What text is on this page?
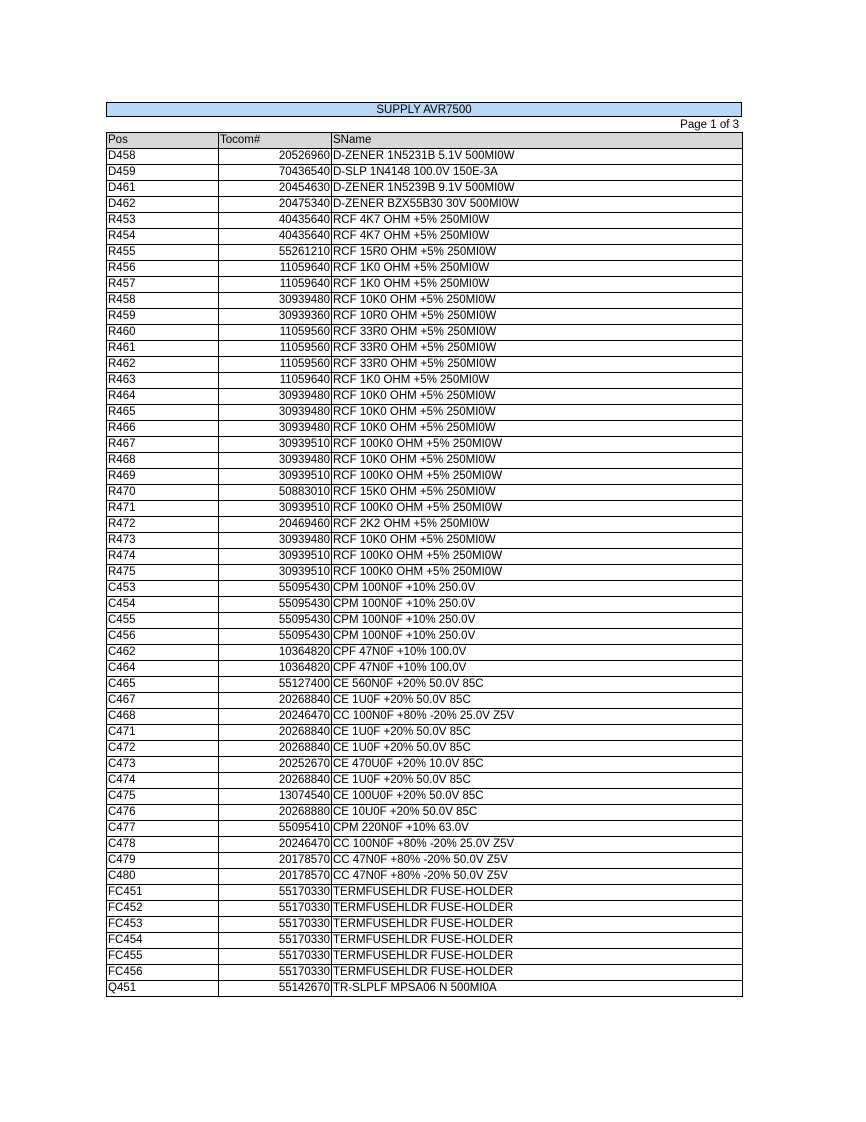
SUPPLY AVR7500
Page 1 of 3
Pos	Tocom#	SName
D458	20526960	D-ZENER 1N5231B 5.1V 500MI0W
D459	70436540	D-SLP 1N4148 100.0V 150E-3A
D461	20454630	D-ZENER 1N5239B 9.1V 500MI0W
D462	20475340	D-ZENER BZX55B30 30V 500MI0W
R453	40435640	RCF 4K7 OHM +5% 250MI0W
R454	40435640	RCF 4K7 OHM +5% 250MI0W
R455	55261210	RCF 15R0 OHM +5% 250MI0W
R456	11059640	RCF 1K0 OHM +5% 250MI0W
R457	11059640	RCF 1K0 OHM +5% 250MI0W
R458	30939480	RCF 10K0 OHM +5% 250MI0W
R459	30939360	RCF 10R0 OHM +5% 250MI0W
R460	11059560	RCF 33R0 OHM +5% 250MI0W
R461	11059560	RCF 33R0 OHM +5% 250MI0W
R462	11059560	RCF 33R0 OHM +5% 250MI0W
R463	11059640	RCF 1K0 OHM +5% 250MI0W
R464	30939480	RCF 10K0 OHM +5% 250MI0W
R465	30939480	RCF 10K0 OHM +5% 250MI0W
R466	30939480	RCF 10K0 OHM +5% 250MI0W
R467	30939510	RCF 100K0 OHM +5% 250MI0W
R468	30939480	RCF 10K0 OHM +5% 250MI0W
R469	30939510	RCF 100K0 OHM +5% 250MI0W
R470	50883010	RCF 15K0 OHM +5% 250MI0W
R471	30939510	RCF 100K0 OHM +5% 250MI0W
R472	20469460	RCF 2K2 OHM +5% 250MI0W
R473	30939480	RCF 10K0 OHM +5% 250MI0W
R474	30939510	RCF 100K0 OHM +5% 250MI0W
R475	30939510	RCF 100K0 OHM +5% 250MI0W
C453	55095430	CPM 100N0F +10% 250.0V
C454	55095430	CPM 100N0F +10% 250.0V
C455	55095430	CPM 100N0F +10% 250.0V
C456	55095430	CPM 100N0F +10% 250.0V
C462	10364820	CPF 47N0F +10% 100.0V
C464	10364820	CPF 47N0F +10% 100.0V
C465	55127400	CE 560N0F +20% 50.0V 85C
C467	20268840	CE 1U0F +20% 50.0V 85C
C468	20246470	CC 100N0F +80% -20% 25.0V Z5V
C471	20268840	CE 1U0F +20% 50.0V 85C
C472	20268840	CE 1U0F +20% 50.0V 85C
C473	20252670	CE 470U0F +20% 10.0V 85C
C474	20268840	CE 1U0F +20% 50.0V 85C
C475	13074540	CE 100U0F +20% 50.0V 85C
C476	20268880	CE 10U0F +20% 50.0V 85C
C477	55095410	CPM 220N0F +10% 63.0V
C478	20246470	CC 100N0F +80% -20% 25.0V Z5V
C479	20178570	CC 47N0F +80% -20% 50.0V Z5V
C480	20178570	CC 47N0F +80% -20% 50.0V Z5V
FC451	55170330	TERMFUSEHLDR FUSE-HOLDER
FC452	55170330	TERMFUSEHLDR FUSE-HOLDER
FC453	55170330	TERMFUSEHLDR FUSE-HOLDER
FC454	55170330	TERMFUSEHLDR FUSE-HOLDER
FC455	55170330	TERMFUSEHLDR FUSE-HOLDER
FC456	55170330	TERMFUSEHLDR FUSE-HOLDER
Q451	55142670	TR-SLPLF MPSA06 N 500MI0A
